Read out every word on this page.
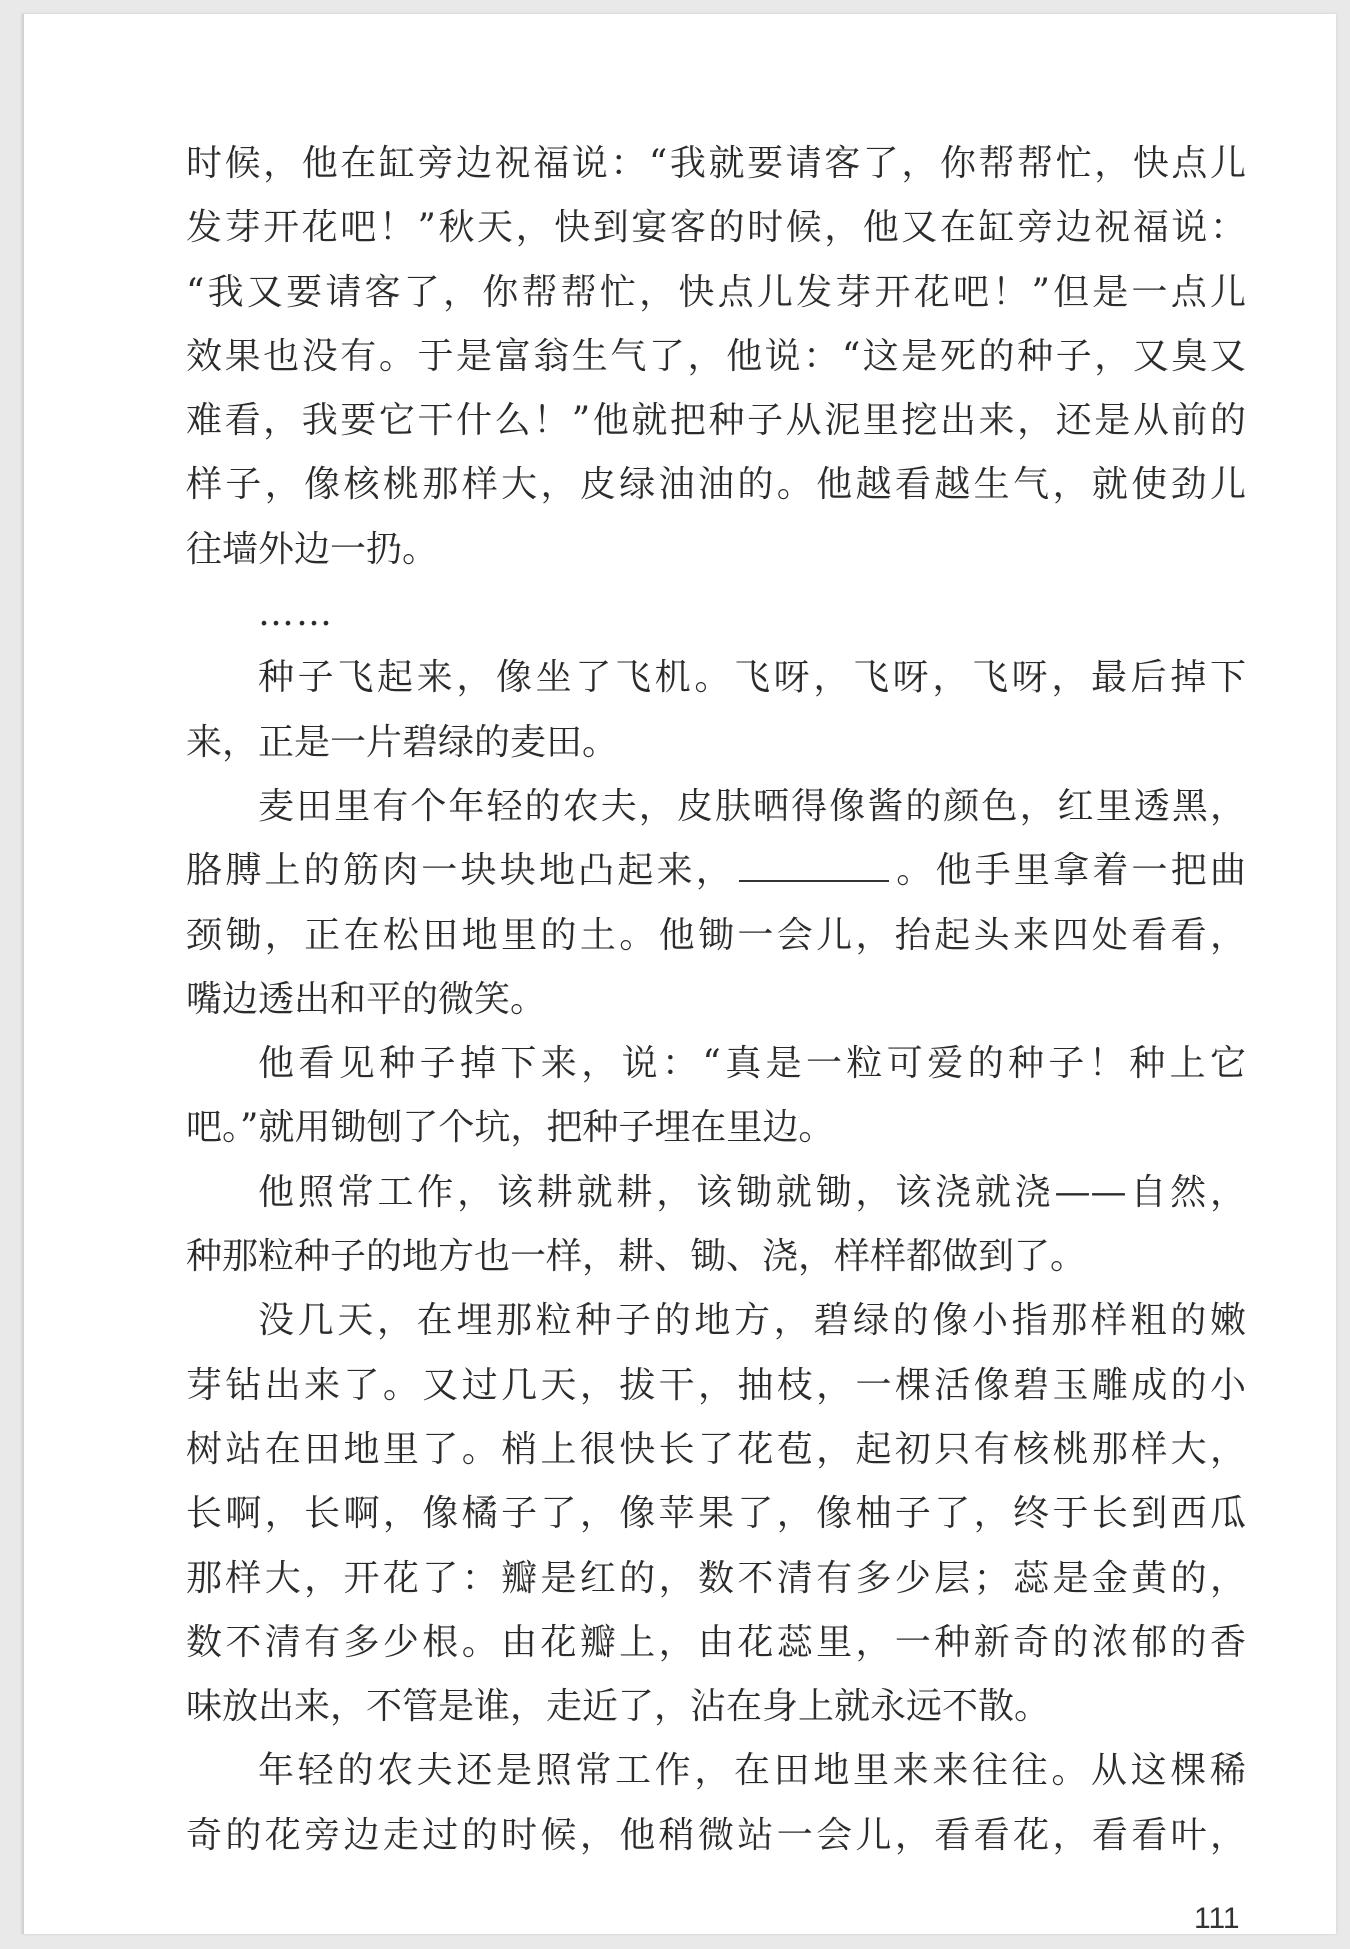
时候，他在缸旁边祝福说：“我就要请客了，你帮帮忙，快点儿
发芽开花吧！”秋天，快到宴客的时候，他又在缸旁边祝福说：
“我又要请客了，你帮帮忙，快点儿发芽开花吧！”但是一点儿
效果也没有。于是富翁生气了，他说：“这是死的种子，又臭又
难看，我要它干什么！”他就把种子从泥里挖出来，还是从前的
样子，像核桃那样大，皮绿油油的。他越看越生气，就使劲儿
往墙外边一扔。

……

种子飞起来，像坐了飞机。飞呀，飞呀，飞呀，最后掉下
来，正是一片碧绿的麦田。

麦田里有个年轻的农夫，皮肤晒得像酱的颜色，红里透黑，
胳膊上的筋肉一块块地凸起来，	。他手里拿着一把曲
颈锄，正在松田地里的土。他锄一会儿，抬起头来四处看看，
嘴边透出和平的微笑。

他看见种子掉下来，说：“真是一粒可爱的种子！种上它
吧。”就用锄刨了个坑，把种子埋在里边。

他照常工作，该耕就耕，该锄就锄，该浇就浇——自然，
种那粒种子的地方也一样，耕、锄、浇，样样都做到了。

没几天，在埋那粒种子的地方，碧绿的像小指那样粗的嫩
芽钻出来了。又过几天，拔干，抽枝，一棵活像碧玉雕成的小
树站在田地里了。梢上很快长了花苞，起初只有核桃那样大，
长啊，长啊，像橘子了，像苹果了，像柚子了，终于长到西瓜
那样大，开花了：瓣是红的，数不清有多少层；蕊是金黄的，
数不清有多少根。由花瓣上，由花蕊里，一种新奇的浓郁的香
味放出来，不管是谁，走近了，沾在身上就永远不散。

年轻的农夫还是照常工作，在田地里来来往往。从这棵稀
奇的花旁边走过的时候，他稍微站一会儿，看看花，看看叶，

111
